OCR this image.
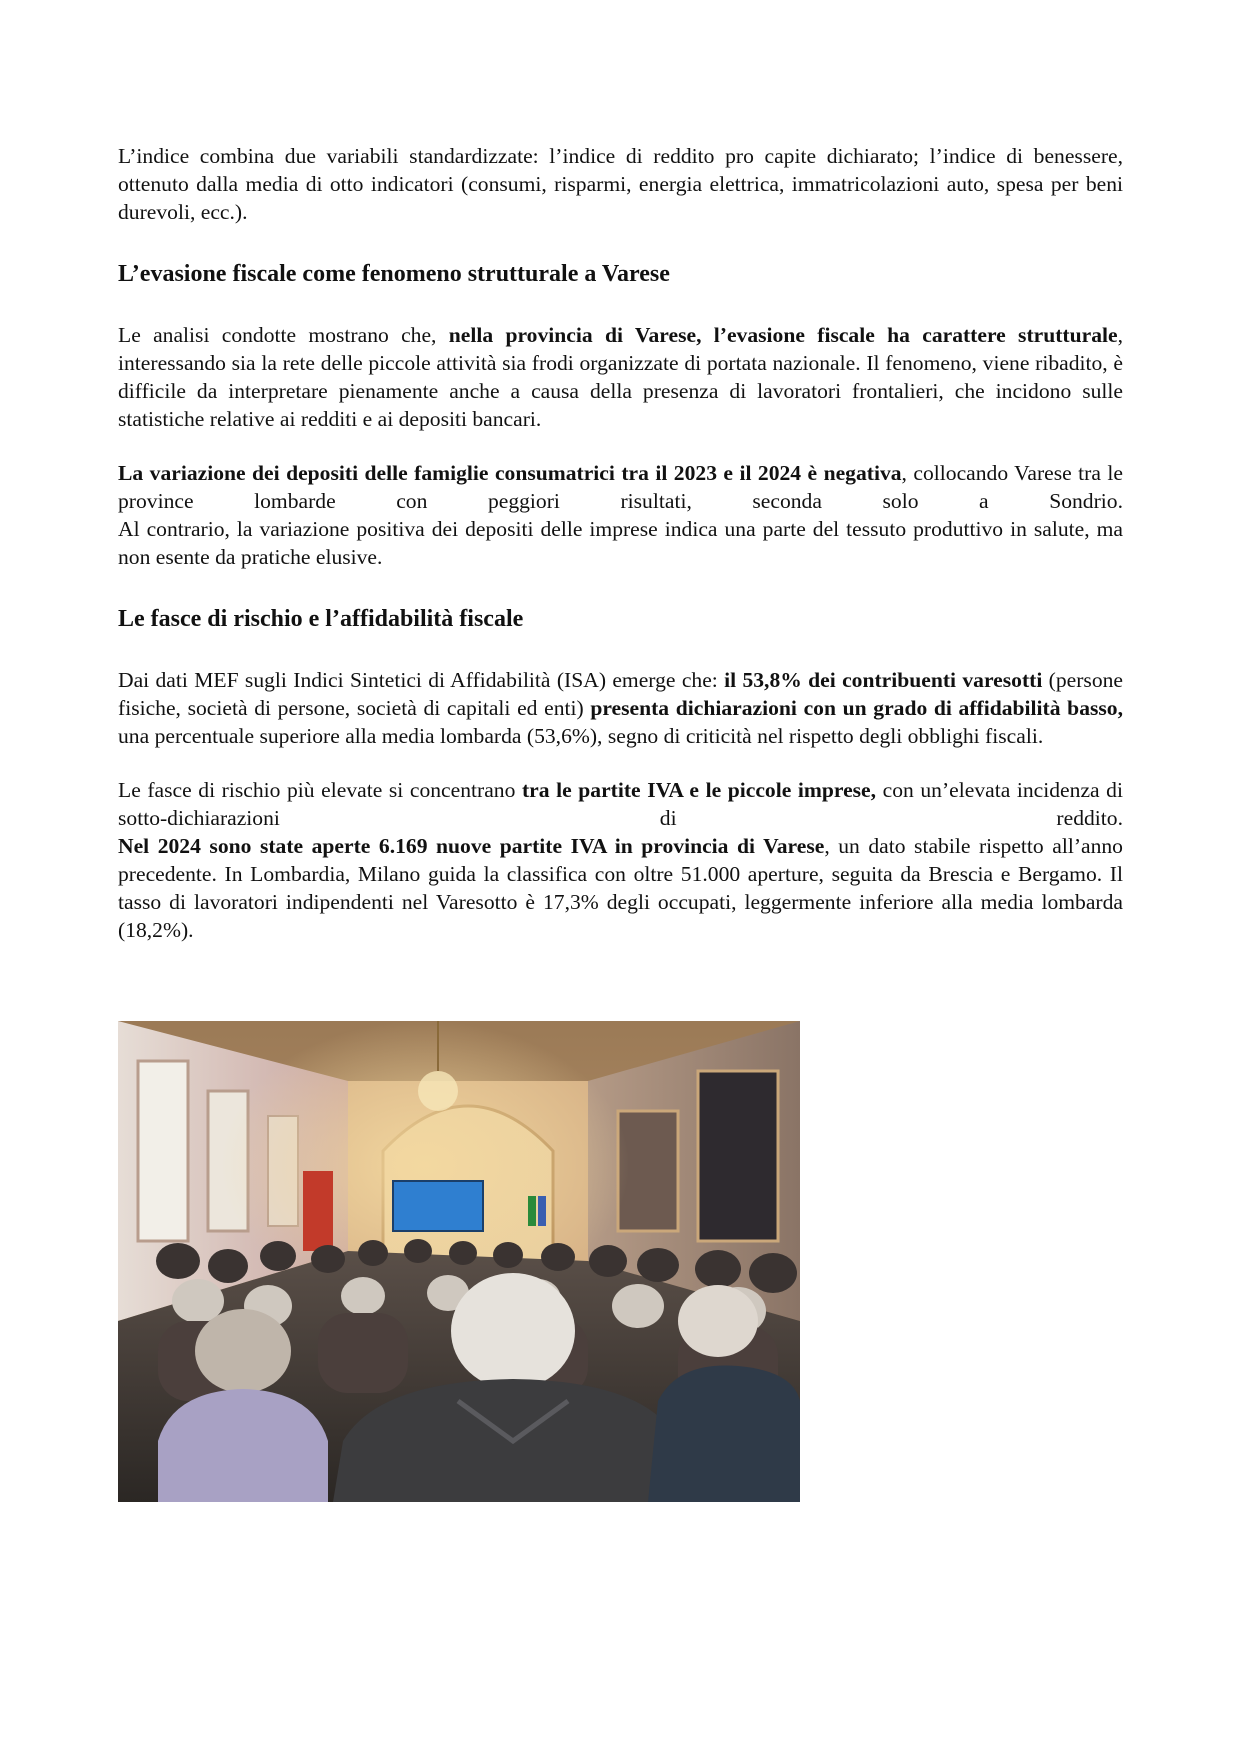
L’indice combina due variabili standardizzate: l’indice di reddito pro capite dichiarato; l’indice di benessere, ottenuto dalla media di otto indicatori (consumi, risparmi, energia elettrica, immatricolazioni auto, spesa per beni durevoli, ecc.).

L’evasione fiscale come fenomeno strutturale a Varese

Le analisi condotte mostrano che, nella provincia di Varese, l’evasione fiscale ha carattere strutturale, interessando sia la rete delle piccole attività sia frodi organizzate di portata nazionale. Il fenomeno, viene ribadito, è difficile da interpretare pienamente anche a causa della presenza di lavoratori frontalieri, che incidono sulle statistiche relative ai redditi e ai depositi bancari.

La variazione dei depositi delle famiglie consumatrici tra il 2023 e il 2024 è negativa, collocando Varese tra le province lombarde con peggiori risultati, seconda solo a Sondrio.

Al contrario, la variazione positiva dei depositi delle imprese indica una parte del tessuto produttivo in salute, ma non esente da pratiche elusive.

Le fasce di rischio e l’affidabilità fiscale

Dai dati MEF sugli Indici Sintetici di Affidabilità (ISA) emerge che: il 53,8% dei contribuenti varesotti (persone fisiche, società di persone, società di capitali ed enti) presenta dichiarazioni con un grado di affidabilità basso, una percentuale superiore alla media lombarda (53,6%), segno di criticità nel rispetto degli obblighi fiscali.

Le fasce di rischio più elevate si concentrano tra le partite IVA e le piccole imprese, con un’elevata incidenza di sotto-dichiarazioni di reddito.

Nel 2024 sono state aperte 6.169 nuove partite IVA in provincia di Varese, un dato stabile rispetto all’anno precedente. In Lombardia, Milano guida la classifica con oltre 51.000 aperture, seguita da Brescia e Bergamo. Il tasso di lavoratori indipendenti nel Varesotto è 17,3% degli occupati, leggermente inferiore alla media lombarda (18,2%).
